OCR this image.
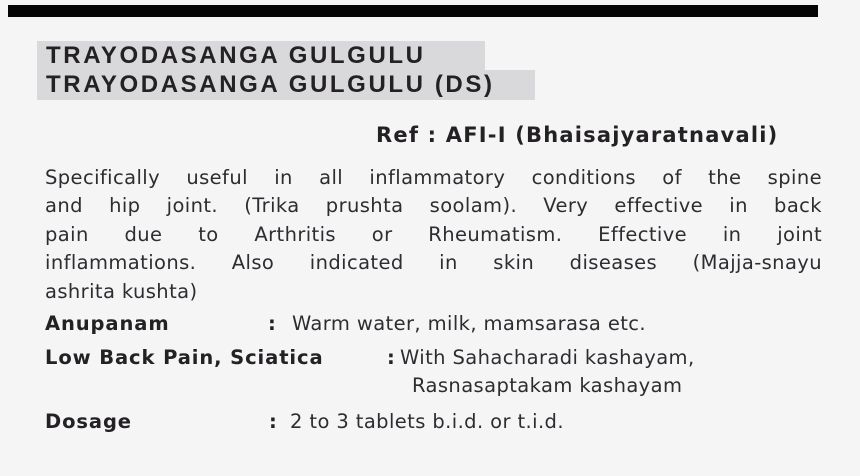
TRAYODASANGA GULGULU
TRAYODASANGA GULGULU (DS)
Ref : AFI-I (Bhaisajyaratnavali)
Specifically useful in all inflammatory conditions of the spine
and hip joint. (Trika prushta soolam). Very effective in back
pain due to Arthritis or Rheumatism. Effective in joint
inflammations. Also indicated in skin diseases (Majja-snayu
ashrita kushta)
Anupanam	: Warm water, milk, mamsarasa etc.
Low Back Pain, Sciatica	: With Sahacharadi kashayam,
Rasnasaptakam kashayam
Dosage	: 2 to 3 tablets b.i.d. or t.i.d.
